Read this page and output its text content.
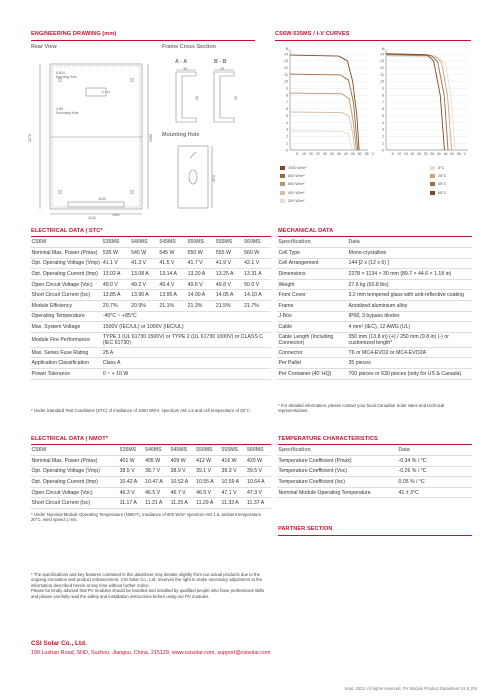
ENGINEERING DRAWING (mm)
Rear View	Frame Cross Section
A - A	B - B
Mounting Hole
2278	1390
1134
1100
1400
8-Ø14
Mounting Hole
4-Ø9
Grounding Hole
6 x 10
35
30
25
30
30.5
CS6W-535MS / I-V CURVES
0
1
2
3
4
5
6
7
8
9
10
11
12
13
14
A
5 10 15 20 25 30 35 40 45 50 55 V
0
1
2
3
4
5
6
7
8
9
10
11
12
13
14
A
5 10 15 20 25 30 35 40 45 50 55 V
1000 W/m²
800 W/m²
600 W/m²
400 W/m²
200 W/m²
5°C
25°C
45°C
65°C
ELECTRICAL DATA | STC*
CS6W	535MS	540MS	545MS	550MS	555MS	560MS
Nominal Max. Power (Pmax)	535 W	540 W	545 W	550 W	555 W	560 W
Opt. Operating Voltage (Vmp)	41.1 V	41.3 V	41.5 V	41.7 V	41.9 V	42.1 V
Opt. Operating Current (Imp)	13.02 A	13.08 A	13.14 A	13.20 A	13.25 A	13.31 A
Open Circuit Voltage (Voc)	49.0 V	49.2 V	49.4 V	49.6 V	49.8 V	50.0 V
Short Circuit Current (Isc)	13.85 A	13.90 A	13.95 A	14.00 A	14.05 A	14.10 A
Module Efficiency	20.7%	20.9%	21.1%	21.3%	21.5%	21.7%
Operating Temperature	-40°C ~ +85°C					
Max. System Voltage	1500V (IEC/UL) or 1000V (IEC/UL)					
Module Fire Performance	TYPE 1 (UL 61730 1500V) or TYPE 2 (UL 61730 1000V) or CLASS C (IEC 61730)					
Max. Series Fuse Rating	25 A					
Application Classification	Class A					
Power Tolerance	0 ~ + 10 W					
* Under Standard Test Conditions (STC) of irradiance of 1000 W/m², spectrum AM 1.5 and cell temperature of 25°C.
ELECTRICAL DATA | NMOT*
CS6W	535MS	540MS	545MS	550MS	555MS	560MS
Nominal Max. Power (Pmax)	401 W	405 W	409 W	412 W	416 W	420 W
Opt. Operating Voltage (Vmp)	38.5 V	38.7 V	38.9 V	39.1 V	39.3 V	39.5 V
Opt. Operating Current (Imp)	10.42 A	10.47 A	10.52 A	10.55 A	10.59 A	10.64 A
Open Circuit Voltage (Voc)	46.3 V	46.5 V	46.7 V	46.9 V	47.1 V	47.3 V
Short Circuit Current (Isc)	11.17 A	11.21 A	11.25 A	11.29 A	11.33 A	11.37 A
* Under Nominal Module Operating Temperature (NMOT), irradiance of 800 W/m² spectrum AM 1.5, ambient temperature 20°C, wind speed 1 m/s.
MECHANICAL DATA
Specification	Data
Cell Type	Mono-crystalline
Cell Arrangement	144 [2 x (12 x 6) ]
Dimensions	2278 × 1134 × 30 mm (89.7 × 44.6 × 1.18 in)
Weight	27.6 kg (60.8 lbs)
Front Cover	3.2 mm tempered glass with anti-reflective coating
Frame	Anodized aluminium alloy
J-Box	IP68, 3 bypass diodes
Cable	4 mm² (IEC), 12 AWG (UL)
Cable Length (Including Connector)	350 mm (13.8 in) (+) / 250 mm (9.8 in) (-) or customized length*
Connector	T6 or MC4-EVO2 or MC4-EVO2A
Per Pallet	35 pieces
Per Container (40' HQ)	700 pieces or 630 pieces (only for US & Canada)
* For detailed information, please contact your local Canadian Solar sales and technical representatives.
TEMPERATURE CHARACTERISTICS
Specification	Data
Temperature Coefficient (Pmax)	-0.34 % / °C
Temperature Coefficient (Voc)	-0.26 % / °C
Temperature Coefficient (Isc)	0.05 % / °C
Nominal Module Operating Temperature	41 ± 3°C
PARTNER SECTION
* The specifications and key features contained in this datasheet may deviate slightly from our actual products due to the ongoing innovation and product enhancement. CSI Solar Co., Ltd. reserves the right to make necessary adjustment to the information described herein at any time without further notice.
Please be kindly advised that PV modules should be handled and installed by qualified people who have professional skills and please carefully read the safety and installation instructions before using our PV modules.
CSI Solar Co., Ltd.
199 Lushan Road, SND, Suzhou, Jiangsu, China, 215129, www.csisolar.com, support@csisolar.com
Sept. 2023. All rights reserved, PV Module Product Datasheet V2.8_EN
